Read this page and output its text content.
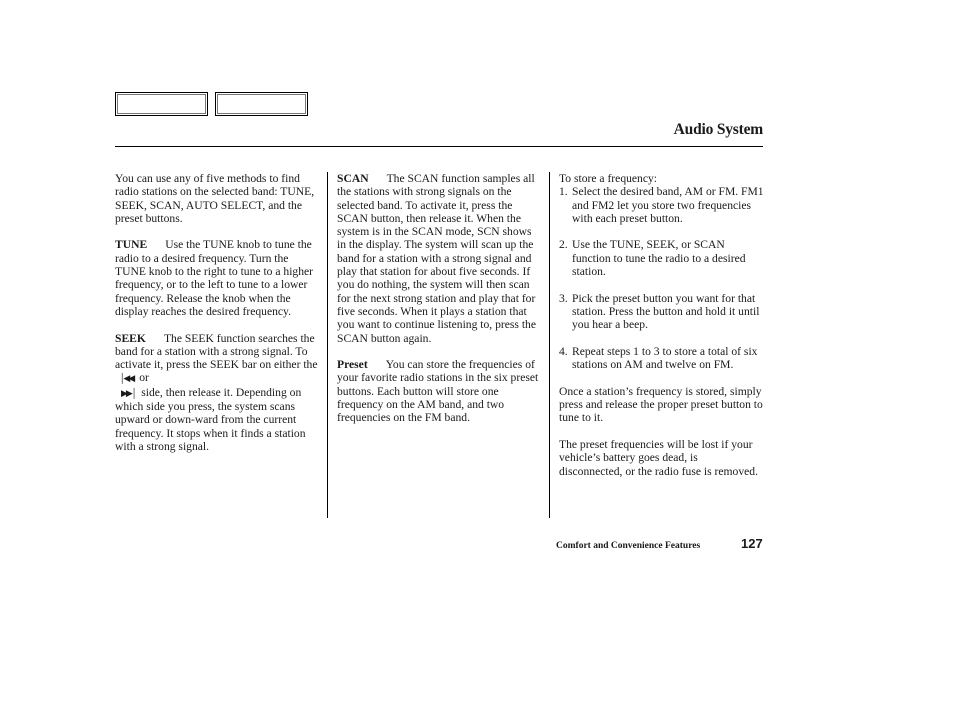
Audio System

You can use any of five methods to find radio stations on the selected band: TUNE, SEEK, SCAN, AUTO SELECT, and the preset buttons.

TUNE Use the TUNE knob to tune the radio to a desired frequency. Turn the TUNE knob to the right to tune to a higher frequency, or to the left to tune to a lower frequency. Release the knob when the display reaches the desired frequency.

SEEK The SEEK function searches the band for a station with a strong signal. To activate it, press the SEEK bar on either the│◀◀ or
▶▶│ side, then release it. Depending on which side you press, the system scans upward or down-ward from the current frequency. It stops when it finds a station with a strong signal.

SCAN The SCAN function samples all the stations with strong signals on the selected band. To activate it, press the SCAN button, then release it. When the system is in the SCAN mode, SCN shows in the display. The system will scan up the band for a station with a strong signal and play that station for about five seconds. If you do nothing, the system will then scan for the next strong station and play that for five seconds. When it plays a station that you want to continue listening to, press the SCAN button again.

Preset You can store the frequencies of your favorite radio stations in the six preset buttons. Each button will store one frequency on the AM band, and two frequencies on the FM band.

To store a frequency:
1. Select the desired band, AM or FM. FM1 and FM2 let you store two frequencies with each preset button.
2. Use the TUNE, SEEK, or SCAN function to tune the radio to a desired station.
3. Pick the preset button you want for that station. Press the button and hold it until you hear a beep.
4. Repeat steps 1 to 3 to store a total of six stations on AM and twelve on FM.

Once a station’s frequency is stored, simply press and release the proper preset button to tune to it.

The preset frequencies will be lost if your vehicle’s battery goes dead, is disconnected, or the radio fuse is removed.

Comfort and Convenience Features	127
